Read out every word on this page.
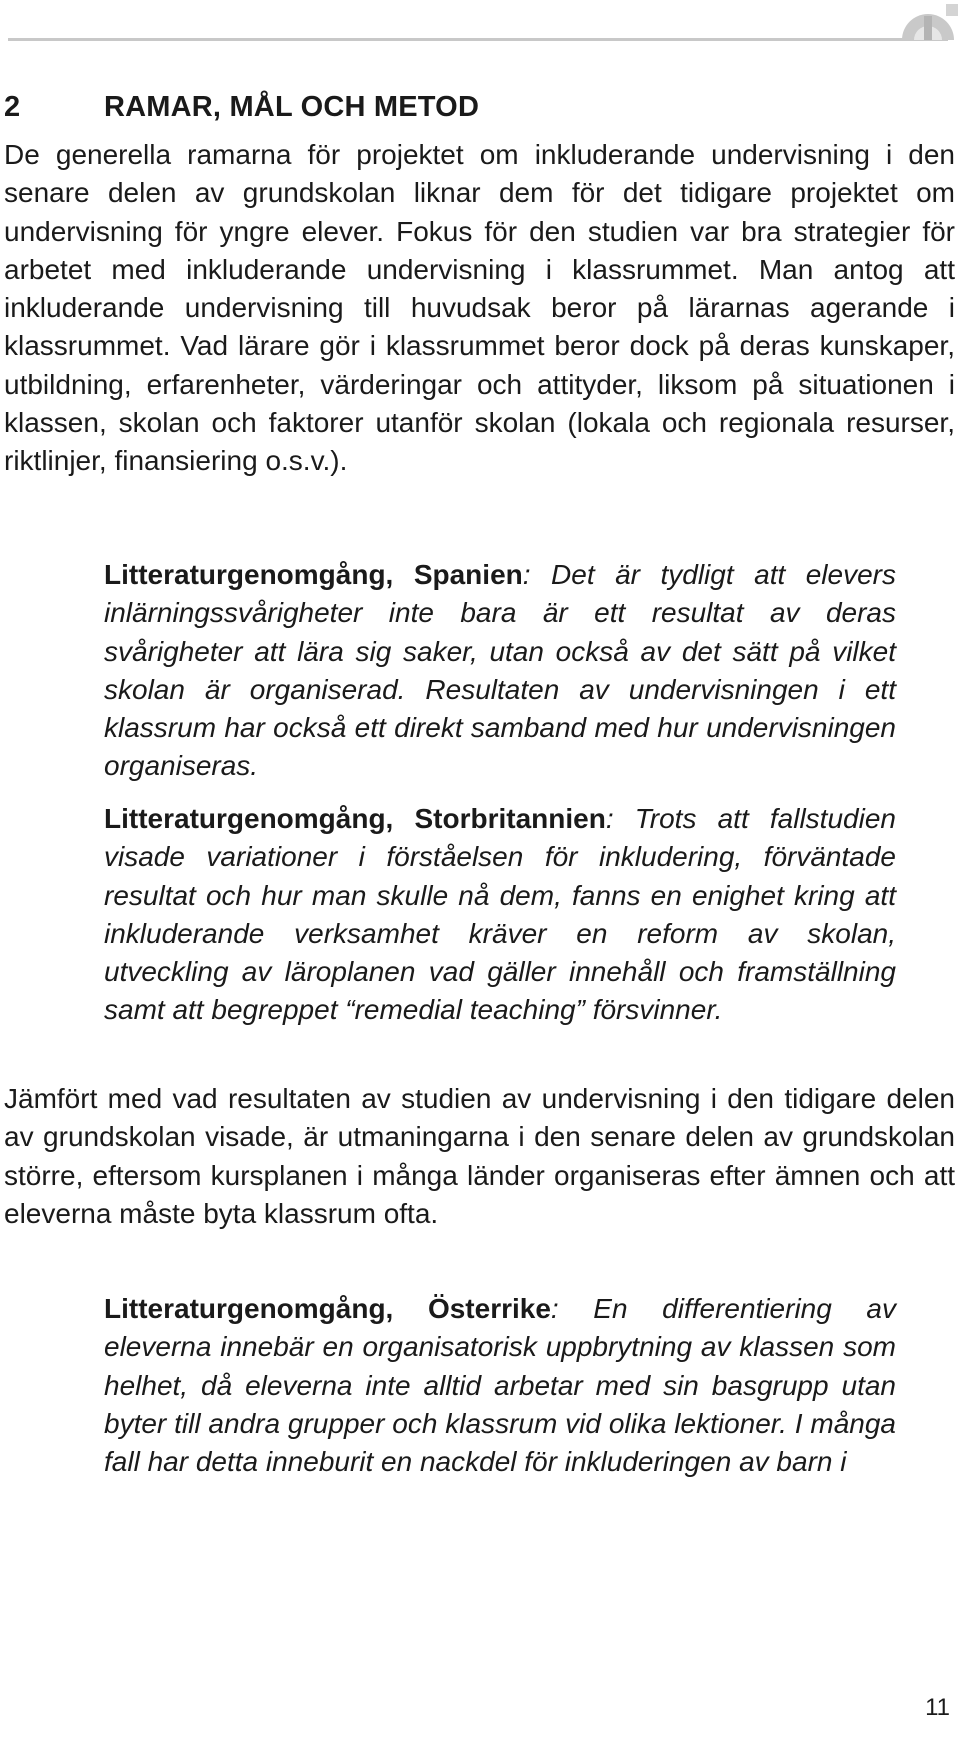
2	RAMAR, MÅL OCH METOD

De generella ramarna för projektet om inkluderande undervisning i den senare delen av grundskolan liknar dem för det tidigare projektet om undervisning för yngre elever. Fokus för den studien var bra strategier för arbetet med inkluderande undervisning i klassrummet. Man antog att inkluderande undervisning till huvudsak beror på lärarnas agerande i klassrummet. Vad lärare gör i klassrummet beror dock på deras kunskaper, utbildning, erfarenheter, värderingar och attityder, liksom på situationen i klassen, skolan och faktorer utanför skolan (lokala och regionala resurser, riktlinjer, finansiering o.s.v.).

Litteraturgenomgång, Spanien: Det är tydligt att elevers inlärningssvårigheter inte bara är ett resultat av deras svårigheter att lära sig saker, utan också av det sätt på vilket skolan är organiserad. Resultaten av undervisningen i ett klassrum har också ett direkt samband med hur undervisningen organiseras.

Litteraturgenomgång, Storbritannien: Trots att fallstudien visade variationer i förståelsen för inkludering, förväntade resultat och hur man skulle nå dem, fanns en enighet kring att inkluderande verksamhet kräver en reform av skolan, utveckling av läroplanen vad gäller innehåll och framställning samt att begreppet “remedial teaching” försvinner.

Jämfört med vad resultaten av studien av undervisning i den tidigare delen av grundskolan visade, är utmaningarna i den senare delen av grundskolan större, eftersom kursplanen i många länder organiseras efter ämnen och att eleverna måste byta klassrum ofta.

Litteraturgenomgång, Österrike: En differentiering av eleverna innebär en organisatorisk uppbrytning av klassen som helhet, då eleverna inte alltid arbetar med sin basgrupp utan byter till andra grupper och klassrum vid olika lektioner. I många fall har detta inneburit en nackdel för inkluderingen av barn i

11
